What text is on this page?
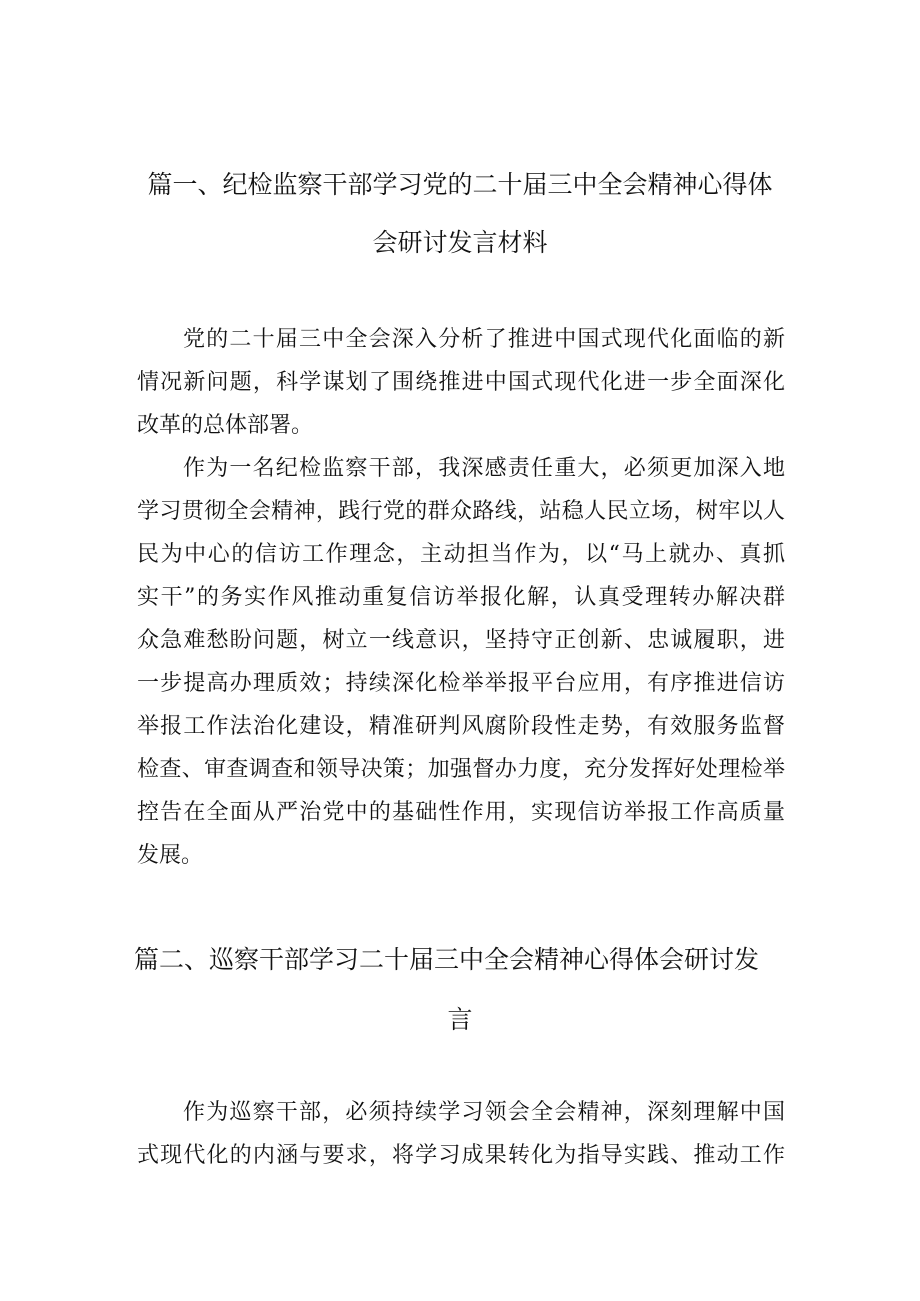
篇一、纪检监察干部学习党的二十届三中全会精神心得体
会研讨发言材料
党的二十届三中全会深入分析了推进中国式现代化面临的新
情况新问题，科学谋划了围绕推进中国式现代化进一步全面深化
改革的总体部署。
作为一名纪检监察干部，我深感责任重大，必须更加深入地
学习贯彻全会精神，践行党的群众路线，站稳人民立场，树牢以人
民为中心的信访工作理念，主动担当作为，以“马上就办、真抓
实干”的务实作风推动重复信访举报化解，认真受理转办解决群
众急难愁盼问题，树立一线意识，坚持守正创新、忠诚履职，进
一步提高办理质效；持续深化检举举报平台应用，有序推进信访
举报工作法治化建设，精准研判风腐阶段性走势，有效服务监督
检查、审查调查和领导决策；加强督办力度，充分发挥好处理检举
控告在全面从严治党中的基础性作用，实现信访举报工作高质量
发展。
篇二、巡察干部学习二十届三中全会精神心得体会研讨发
言
作为巡察干部，必须持续学习领会全会精神，深刻理解中国
式现代化的内涵与要求，将学习成果转化为指导实践、推动工作
